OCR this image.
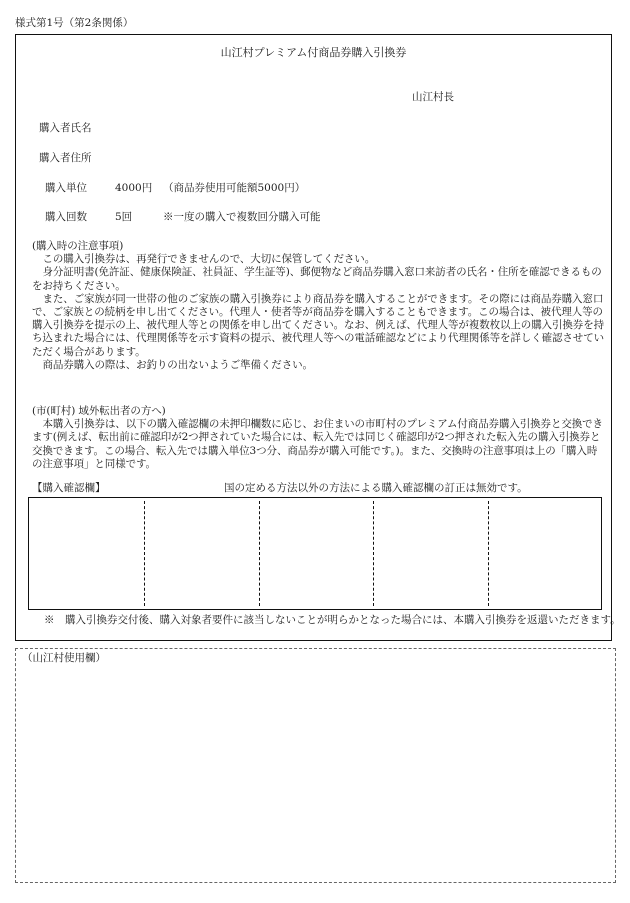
様式第1号（第2条関係）
山江村プレミアム付商品券購入引換券
山江村長
購入者氏名
購入者住所
購入単位	4000円 （商品券使用可能額5000円）
購入回数	5回	※一度の購入で複数回分購入可能

(購入時の注意事項)

この購入引換券は、再発行できませんので、大切に保管してください。

身分証明書(免許証、健康保険証、社員証、学生証等)、郵便物など商品券購入窓口来訪者の氏名・住所を確認できるものをお持ちください。

また、ご家族が同一世帯の他のご家族の購入引換券により商品券を購入することができます。その際には商品券購入窓口で、ご家族との続柄を申し出てください。代理人・使者等が商品券を購入することもできます。この場合は、被代理人等の購入引換券を提示の上、被代理人等との関係を申し出てください。なお、例えば、代理人等が複数枚以上の購入引換券を持ち込まれた場合には、代理関係等を示す資料の提示、被代理人等への電話確認などにより代理関係等を詳しく確認させていただく場合があります。

商品券購入の際は、お釣りの出ないようご準備ください。

(市(町村) 域外転出者の方へ)

本購入引換券は、以下の購入確認欄の未押印欄数に応じ、お住まいの市町村のプレミアム付商品券購入引換券と交換できます(例えば、転出前に確認印が2つ押されていた場合には、転入先では同じく確認印が2つ押された転入先の購入引換券と交換できます。この場合、転入先では購入単位3つ分、商品券が購入可能です。)。また、交換時の注意事項は上の「購入時の注意事項」と同様です。

【購入確認欄】	国の定める方法以外の方法による購入確認欄の訂正は無効です。
※　購入引換券交付後、購入対象者要件に該当しないことが明らかとなった場合には、本購入引換券を返還いただきます。
（山江村使用欄）
